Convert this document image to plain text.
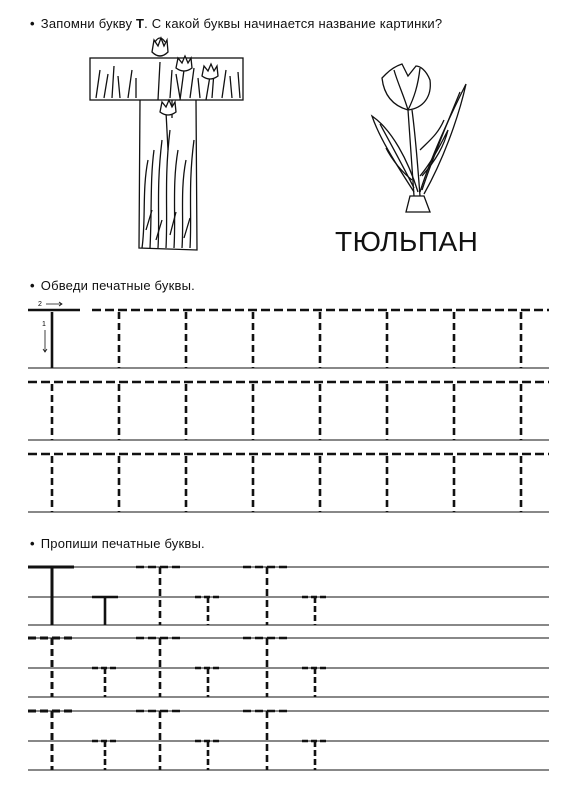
• Запомни букву Т. С какой буквы начинается название картинки?
ТЮЛЬПАН
• Обведи печатные буквы.
2
1
• Пропиши печатные буквы.
